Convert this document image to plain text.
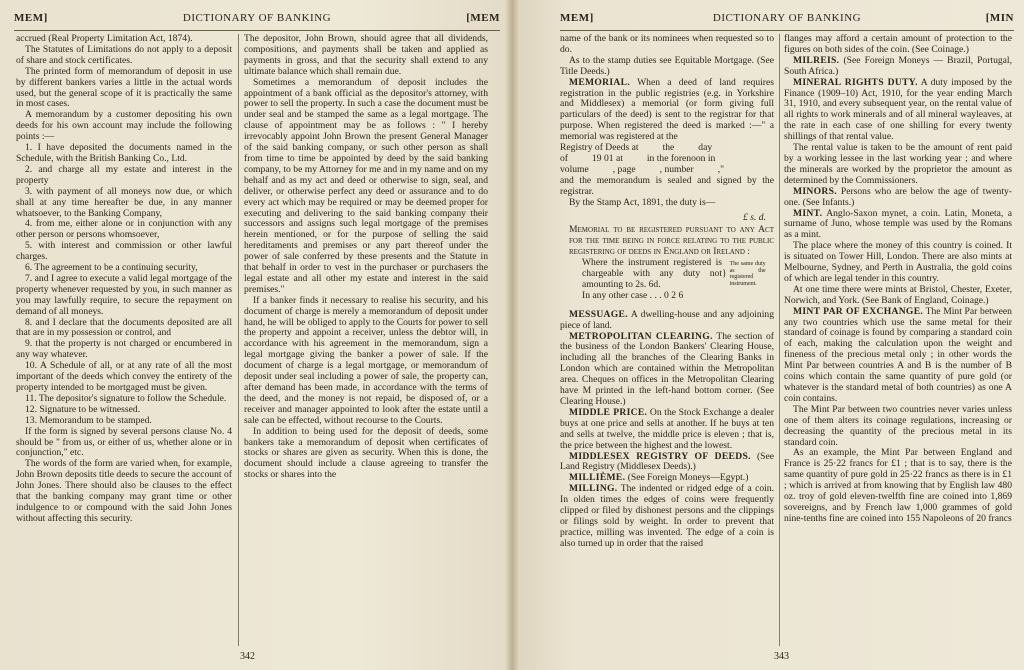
MEM]	DICTIONARY OF BANKING	[MEM

accrued (Real Property Limitation Act, 1874).

The Statutes of Limitations do not apply to a deposit of share and stock certificates.

The printed form of memorandum of deposit in use by different bankers varies a little in the actual words used, but the general scope of it is practically the same in most cases.

A memorandum by a customer depositing his own deeds for his own account may include the following points :—

1. I have deposited the documents named in the Schedule, with the British Banking Co., Ltd.

2. and charge all my estate and interest in the property

3. with payment of all moneys now due, or which shall at any time hereafter be due, in any manner whatsoever, to the Banking Company,

4. from me, either alone or in conjunction with any other person or persons whomsoever,

5. with interest and commission or other lawful charges.

6. The agreement to be a continuing security,

7. and I agree to execute a valid legal mortgage of the property whenever requested by you, in such manner as you may lawfully require, to secure the repayment on demand of all moneys.

8. and I declare that the documents deposited are all that are in my possession or control, and

9. that the property is not charged or encumbered in any way whatever.

10. A Schedule of all, or at any rate of all the most important of the deeds which convey the entirety of the property intended to be mortgaged must be given.

11. The depositor's signature to follow the Schedule.

12. Signature to be witnessed.

13. Memorandum to be stamped.

If the form is signed by several persons clause No. 4 should be " from us, or either of us, whether alone or in conjunction," etc.

The words of the form are varied when, for example, John Brown deposits title deeds to secure the account of John Jones. There should also be clauses to the effect that the banking company may grant time or other indulgence to or compound with the said John Jones without affecting this security.

The depositor, John Brown, should agree that all dividends, compositions, and payments shall be taken and applied as payments in gross, and that the security shall extend to any ultimate balance which shall remain due.

Sometimes a memorandum of deposit includes the appointment of a bank official as the depositor's attorney, with power to sell the property. In such a case the document must be under seal and be stamped the same as a legal mortgage. The clause of appointment may be as follows : " I hereby irrevocably appoint John Brown the present General Manager of the said banking company, or such other person as shall from time to time be appointed by deed by the said banking company, to be my Attorney for me and in my name and on my behalf and as my act and deed or otherwise to sign, seal, and deliver, or otherwise perfect any deed or assurance and to do every act which may be required or may be deemed proper for executing and delivering to the said banking company their successors and assigns such legal mortgage of the premises herein mentioned, or for the purpose of selling the said hereditaments and premises or any part thereof under the power of sale conferred by these presents and the Statute in that behalf in order to vest in the purchaser or purchasers the legal estate and all other my estate and interest in the said premises."

If a banker finds it necessary to realise his security, and his document of charge is merely a memorandum of deposit under hand, he will be obliged to apply to the Courts for power to sell the property and appoint a receiver, unless the debtor will, in accordance with his agreement in the memorandum, sign a legal mortgage giving the banker a power of sale. If the document of charge is a legal mortgage, or memorandum of deposit under seal including a power of sale, the property can, after demand has been made, in accordance with the terms of the deed, and the money is not repaid, be disposed of, or a receiver and manager appointed to look after the estate until a sale can be effected, without recourse to the Courts.

In addition to being used for the deposit of deeds, some bankers take a memorandum of deposit when certificates of stocks or shares are given as security. When this is done, the document should include a clause agreeing to transfer the stocks or shares into the

342
MEM]	DICTIONARY OF BANKING	[MIN

name of the bank or its nominees when requested so to do.

As to the stamp duties see Equitable Mortgage. (See Title Deeds.)

MEMORIAL. When a deed of land requires registration in the public registries (e.g. in Yorkshire and Middlesex) a memorial (or form giving full particulars of the deed) is sent to the registrar for that purpose. When registered the deed is marked :—" a memorial was registered at the

Registry of Deeds at          the          day

of          19 01 at          in the forenoon in

volume          , page          , number          ,"

and the memorandum is sealed and signed by the registrar.

By the Stamp Act, 1891, the duty is—

£ s. d.

Memorial to be registered pursuant to any Act for the time being in force relating to the public registering of deeds in England or Ireland :

Where the instrument registered is chargeable with any duty not amounting to 2s. 6d.

}

The same duty as the registered instrument.

In any other case . . . 0 2 6

MESSUAGE. A dwelling-house and any adjoining piece of land.

METROPOLITAN CLEARING. The section of the business of the London Bankers' Clearing House, including all the branches of the Clearing Banks in London which are contained within the Metropolitan area. Cheques on offices in the Metropolitan Clearing have M printed in the left-hand bottom corner. (See Clearing House.)

MIDDLE PRICE. On the Stock Exchange a dealer buys at one price and sells at another. If he buys at ten and sells at twelve, the middle price is eleven ; that is, the price between the highest and the lowest.

MIDDLESEX REGISTRY OF DEEDS. (See Land Registry (Middlesex Deeds).)

MILLIÈME. (See Foreign Moneys—Egypt.)

MILLING. The indented or ridged edge of a coin. In olden times the edges of coins were frequently clipped or filed by dishonest persons and the clippings or filings sold by weight. In order to prevent that practice, milling was invented. The edge of a coin is also turned up in order that the raised

flanges may afford a certain amount of protection to the figures on both sides of the coin. (See Coinage.)

MILREIS. (See Foreign Moneys — Brazil, Portugal, South Africa.)

MINERAL RIGHTS DUTY. A duty imposed by the Finance (1909–10) Act, 1910, for the year ending March 31, 1910, and every subsequent year, on the rental value of all rights to work minerals and of all mineral wayleaves, at the rate in each case of one shilling for every twenty shillings of that rental value.

The rental value is taken to be the amount of rent paid by a working lessee in the last working year ; and where the minerals are worked by the proprietor the amount as determined by the Commissioners.

MINORS. Persons who are below the age of twenty-one. (See Infants.)

MINT. Anglo-Saxon mynet, a coin. Latin, Moneta, a surname of Juno, whose temple was used by the Romans as a mint.

The place where the money of this country is coined. It is situated on Tower Hill, London. There are also mints at Melbourne, Sydney, and Perth in Australia, the gold coins of which are legal tender in this country.

At one time there were mints at Bristol, Chester, Exeter, Norwich, and York. (See Bank of England, Coinage.)

MINT PAR OF EXCHANGE. The Mint Par between any two countries which use the same metal for their standard of coinage is found by comparing a standard coin of each, making the calculation upon the weight and fineness of the precious metal only ; in other words the Mint Par between countries A and B is the number of B coins which contain the same quantity of pure gold (or whatever is the standard metal of both countries) as one A coin contains.

The Mint Par between two countries never varies unless one of them alters its coinage regulations, increasing or decreasing the quantity of the precious metal in its standard coin.

As an example, the Mint Par between England and France is 25·22 francs for £1 ; that is to say, there is the same quantity of pure gold in 25·22 francs as there is in £1 ; which is arrived at from knowing that by English law 480 oz. troy of gold eleven-twelfth fine are coined into 1,869 sovereigns, and by French law 1,000 grammes of gold nine-tenths fine are coined into 155 Napoleons of 20 francs

343
